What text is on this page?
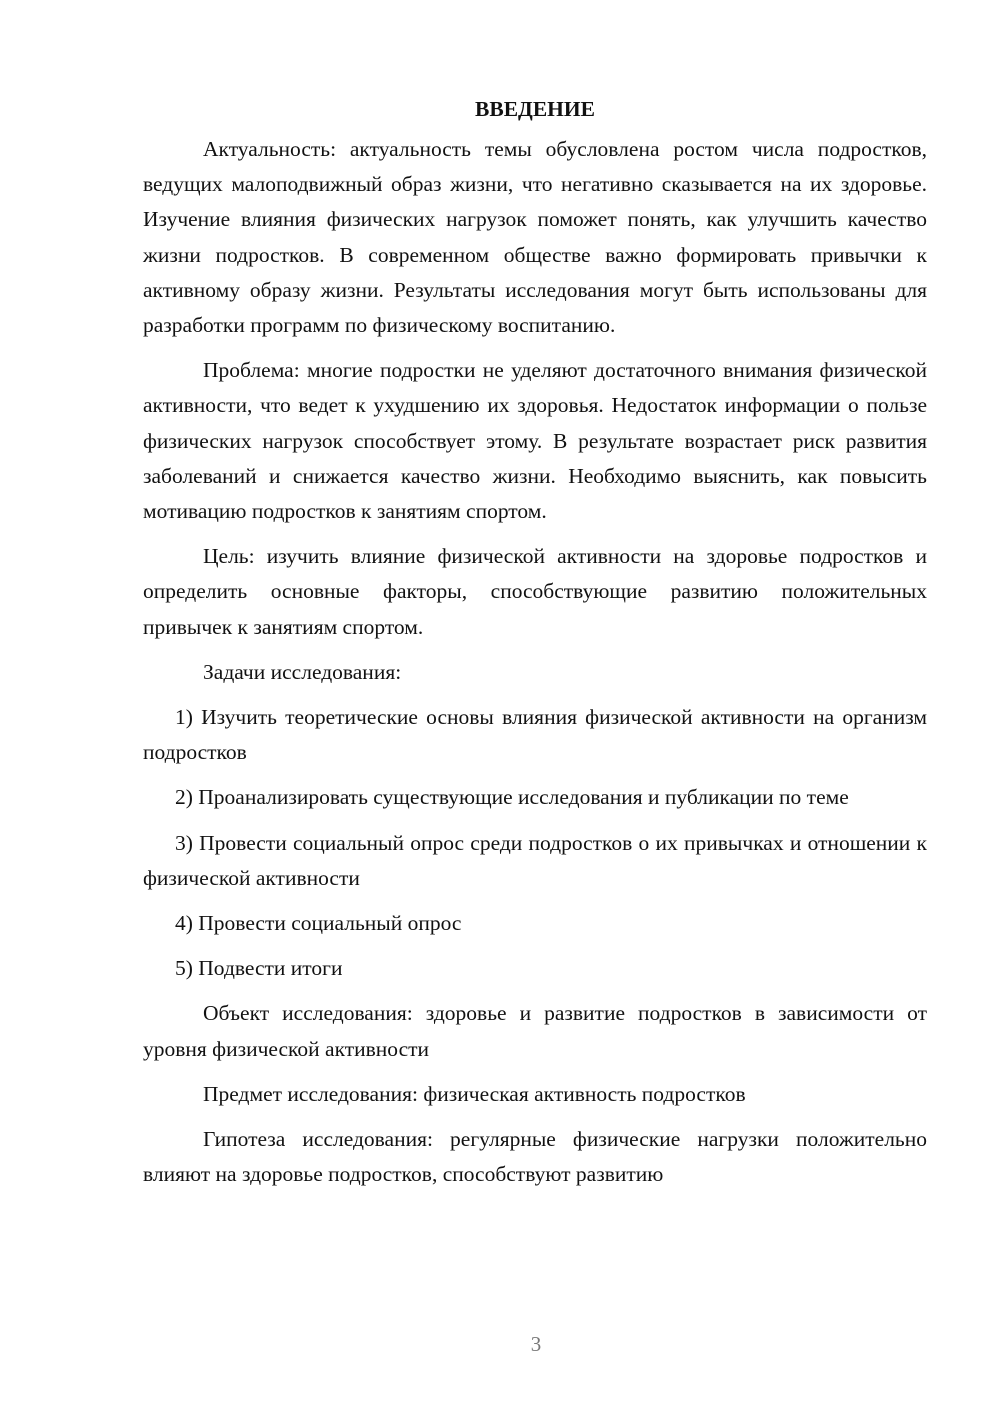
ВВЕДЕНИЕ

Актуальность: актуальность темы обусловлена ростом числа подростков, ведущих малоподвижный образ жизни, что негативно сказывается на их здоровье. Изучение влияния физических нагрузок поможет понять, как улучшить качество жизни подростков. В современном обществе важно формировать привычки к активному образу жизни. Результаты исследования могут быть использованы для разработки программ по физическому воспитанию.

Проблема: многие подростки не уделяют достаточного внимания физической активности, что ведет к ухудшению их здоровья. Недостаток информации о пользе физических нагрузок способствует этому. В результате возрастает риск развития заболеваний и снижается качество жизни. Необходимо выяснить, как повысить мотивацию подростков к занятиям спортом.

Цель: изучить влияние физической активности на здоровье подростков и определить основные факторы, способствующие развитию положительных привычек к занятиям спортом.

Задачи исследования:

1) Изучить теоретические основы влияния физической активности на организм подростков

2) Проанализировать существующие исследования и публикации по теме

3) Провести социальный опрос среди подростков о их привычках и отношении к физической активности

4) Провести социальный опрос

5) Подвести итоги

Объект исследования: здоровье и развитие подростков в зависимости от уровня физической активности

Предмет исследования: физическая активность подростков

Гипотеза исследования: регулярные физические нагрузки положительно влияют на здоровье подростков, способствуют развитию

3
